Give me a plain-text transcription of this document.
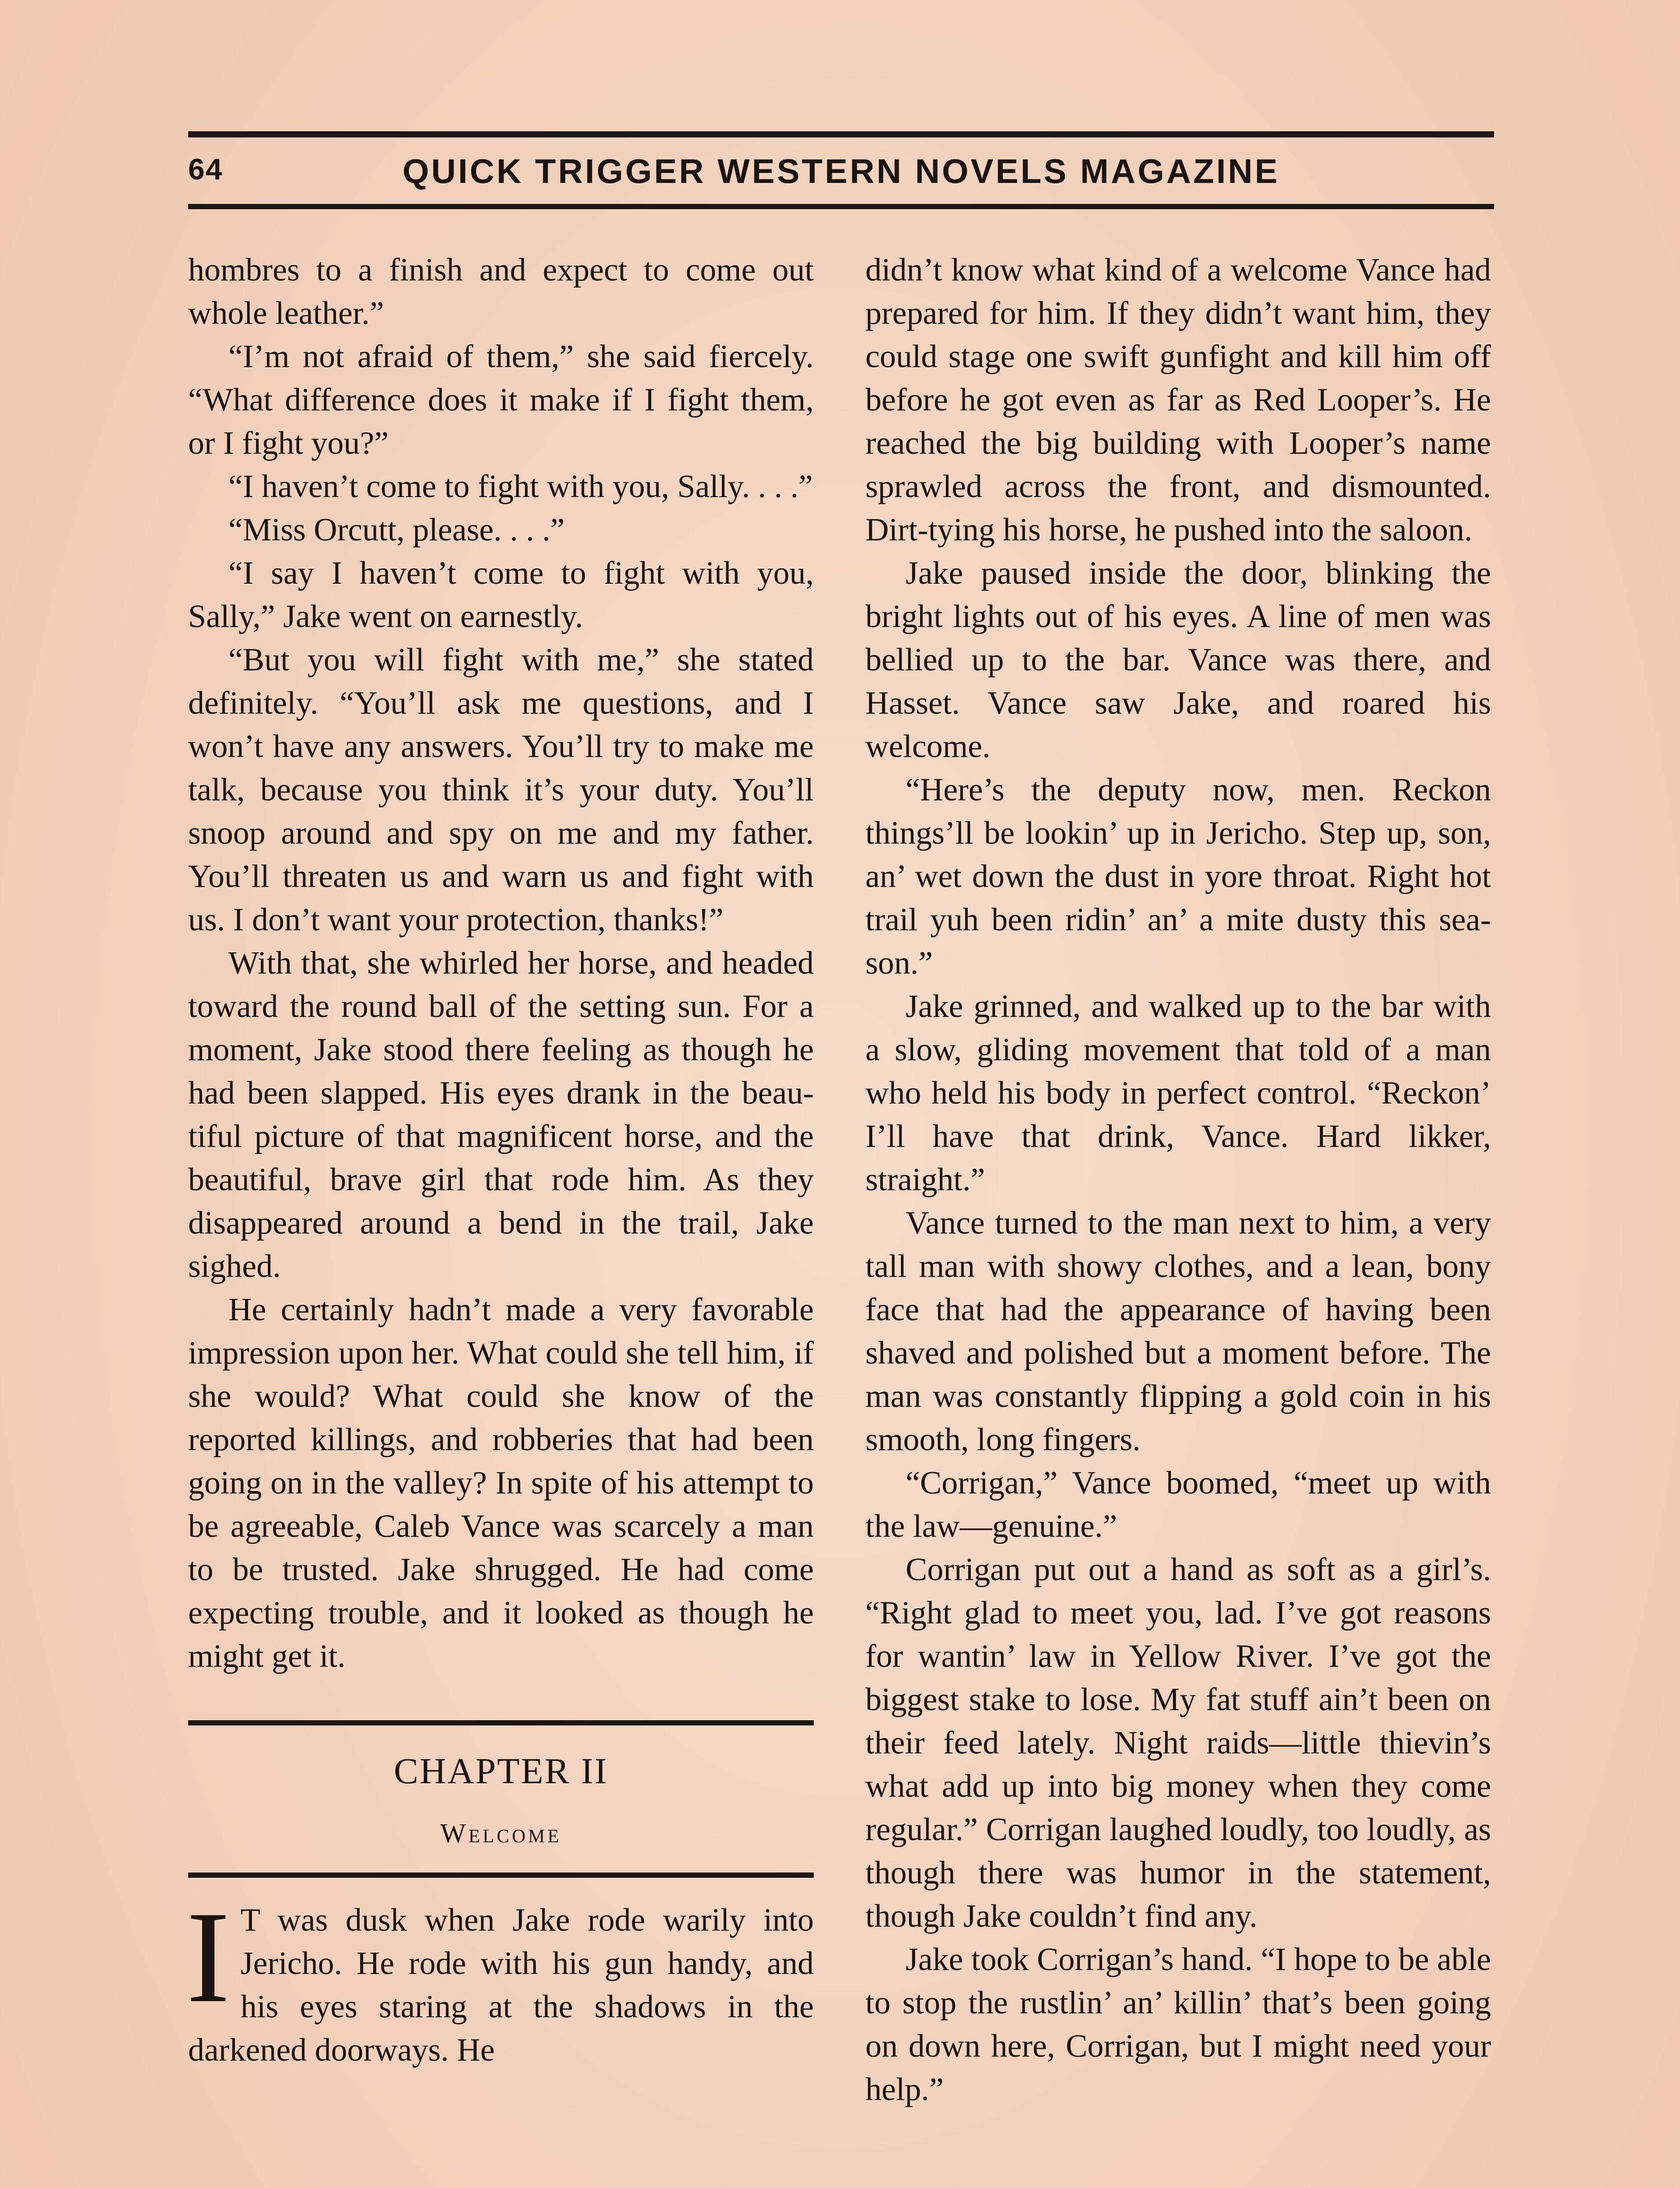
64	QUICK TRIGGER WESTERN NOVELS MAGAZINE

hombres to a finish and expect to come out whole leather.”

“I’m not afraid of them,” she said fiercely. “What difference does it make if I fight them, or I fight you?”

“I haven’t come to fight with you, Sally. . . .”

“Miss Orcutt, please. . . .”

“I say I haven’t come to fight with you, Sally,” Jake went on earnestly.

“But you will fight with me,” she stated definitely. “You’ll ask me questions, and I won’t have any answers. You’ll try to make me talk, because you think it’s your duty. You’ll snoop around and spy on me and my father. You’ll threaten us and warn us and fight with us. I don’t want your protection, thanks!”

With that, she whirled her horse, and headed toward the round ball of the setting sun. For a moment, Jake stood there feeling as though he had been slapped. His eyes drank in the beautiful picture of that magnificent horse, and the beautiful, brave girl that rode him. As they disappeared around a bend in the trail, Jake sighed.

He certainly hadn’t made a very favorable impression upon her. What could she tell him, if she would? What could she know of the reported killings, and robberies that had been going on in the valley? In spite of his attempt to be agreeable, Caleb Vance was scarcely a man to be trusted. Jake shrugged. He had come expecting trouble, and it looked as though he might get it.

CHAPTER II
Welcome

I T was dusk when Jake rode warily into Jericho. He rode with his gun handy, and his eyes staring at the shadows in the darkened doorways. He

didn’t know what kind of a welcome Vance had prepared for him. If they didn’t want him, they could stage one swift gunfight and kill him off before he got even as far as Red Looper’s. He reached the big building with Looper’s name sprawled across the front, and dismounted. Dirt-tying his horse, he pushed into the saloon.

Jake paused inside the door, blinking the bright lights out of his eyes. A line of men was bellied up to the bar. Vance was there, and Hasset. Vance saw Jake, and roared his welcome.

“Here’s the deputy now, men. Reckon things’ll be lookin’ up in Jericho. Step up, son, an’ wet down the dust in yore throat. Right hot trail yuh been ridin’ an’ a mite dusty this season.”

Jake grinned, and walked up to the bar with a slow, gliding movement that told of a man who held his body in perfect control. “Reckon’ I’ll have that drink, Vance. Hard likker, straight.”

Vance turned to the man next to him, a very tall man with showy clothes, and a lean, bony face that had the appearance of having been shaved and polished but a moment before. The man was constantly flipping a gold coin in his smooth, long fingers.

“Corrigan,” Vance boomed, “meet up with the law—genuine.”

Corrigan put out a hand as soft as a girl’s. “Right glad to meet you, lad. I’ve got reasons for wantin’ law in Yellow River. I’ve got the biggest stake to lose. My fat stuff ain’t been on their feed lately. Night raids—little thievin’s what add up into big money when they come regular.” Corrigan laughed loudly, too loudly, as though there was humor in the statement, though Jake couldn’t find any.

Jake took Corrigan’s hand. “I hope to be able to stop the rustlin’ an’ killin’ that’s been going on down here, Corrigan, but I might need your help.”
